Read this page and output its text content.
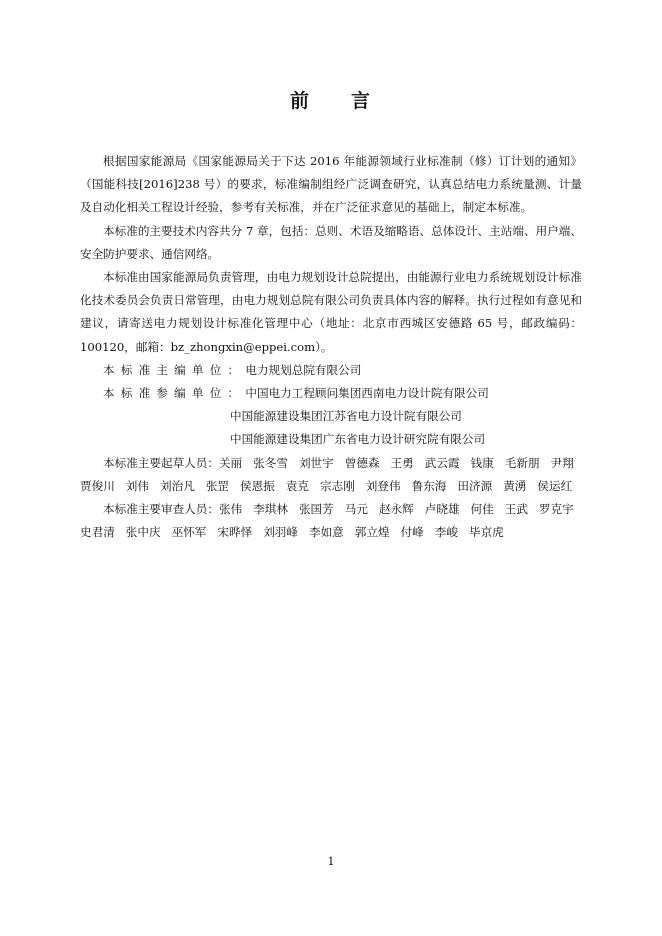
前 言

根据国家能源局《国家能源局关于下达 2016 年能源领域行业标准制（修）订计划的通知》（国能科技[2016]238 号）的要求，标准编制组经广泛调查研究，认真总结电力系统量测、计量及自动化相关工程设计经验，参考有关标准，并在广泛征求意见的基础上，制定本标准。

本标准的主要技术内容共分 7 章，包括：总则、术语及缩略语、总体设计、主站端、用户端、安全防护要求、通信网络。

本标准由国家能源局负责管理，由电力规划设计总院提出，由能源行业电力系统规划设计标准化技术委员会负责日常管理，由电力规划总院有限公司负责具体内容的解释。执行过程如有意见和建议，请寄送电力规划设计标准化管理中心（地址：北京市西城区安德路 65 号，邮政编码：100120，邮箱：bz_zhongxin@eppei.com）。

本标准主编单位： 电力规划总院有限公司
本标准参编单位： 中国电力工程顾问集团西南电力设计院有限公司
中国能源建设集团江苏省电力设计院有限公司
中国能源建设集团广东省电力设计研究院有限公司
本标准主要起草人员： 关丽 张冬雪 刘世宇 曾德森 王勇 武云霞 钱康 毛新朋 尹翔
贾俊川 刘伟 刘治凡 张罡 侯恩振 袁克 宗志刚 刘登伟 鲁东海 田济源 黄湧 侯运红
本标准主要审查人员： 张伟 李琪林 张国芳 马元 赵永辉 卢晓雄 何佳 王武 罗克宇
史君清 张中庆 巫怀军 宋晔怿 刘羽峰 李如意 郭立煌 付峰 李峻 毕京虎
1
